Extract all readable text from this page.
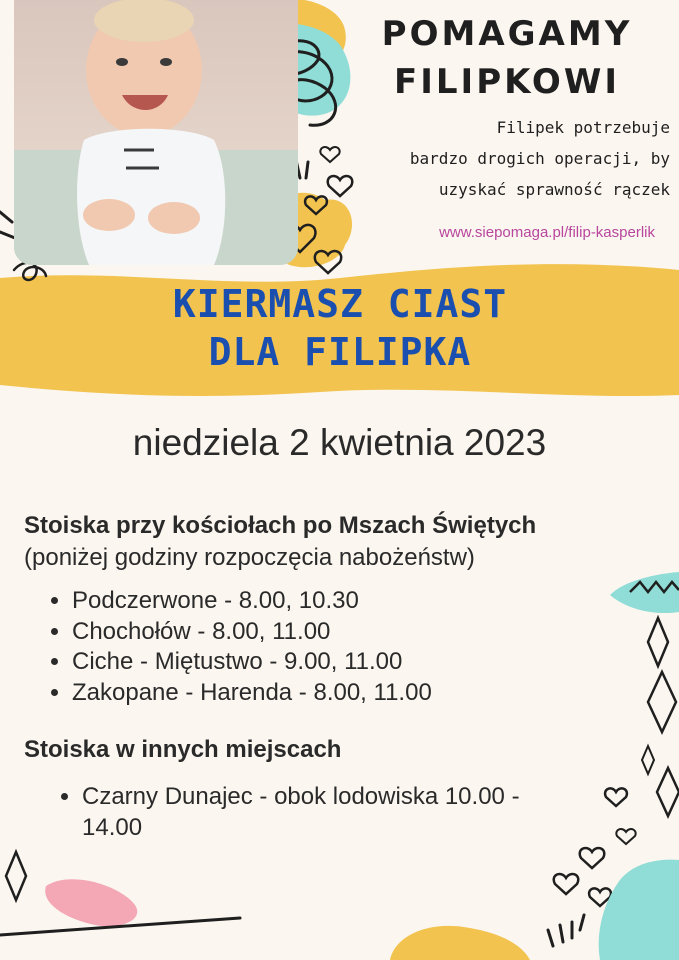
POMAGAMY
FILIPKOWI
Filipek potrzebuje
bardzo drogich operacji, by
uzyskać sprawność rączek
www.siepomaga.pl/filip-kasperlik
KIERMASZ CIAST
DLA FILIPKA
niedziela 2 kwietnia 2023
Stoiska przy kościołach po Mszach Świętych
(poniżej godziny rozpoczęcia nabożeństw)
• Podczerwone - 8.00, 10.30
• Chochołów - 8.00, 11.00
• Ciche - Miętustwo - 9.00, 11.00
• Zakopane - Harenda - 8.00, 11.00
Stoiska w innych miejscach
• Czarny Dunajec - obok lodowiska 10.00 - 14.00
